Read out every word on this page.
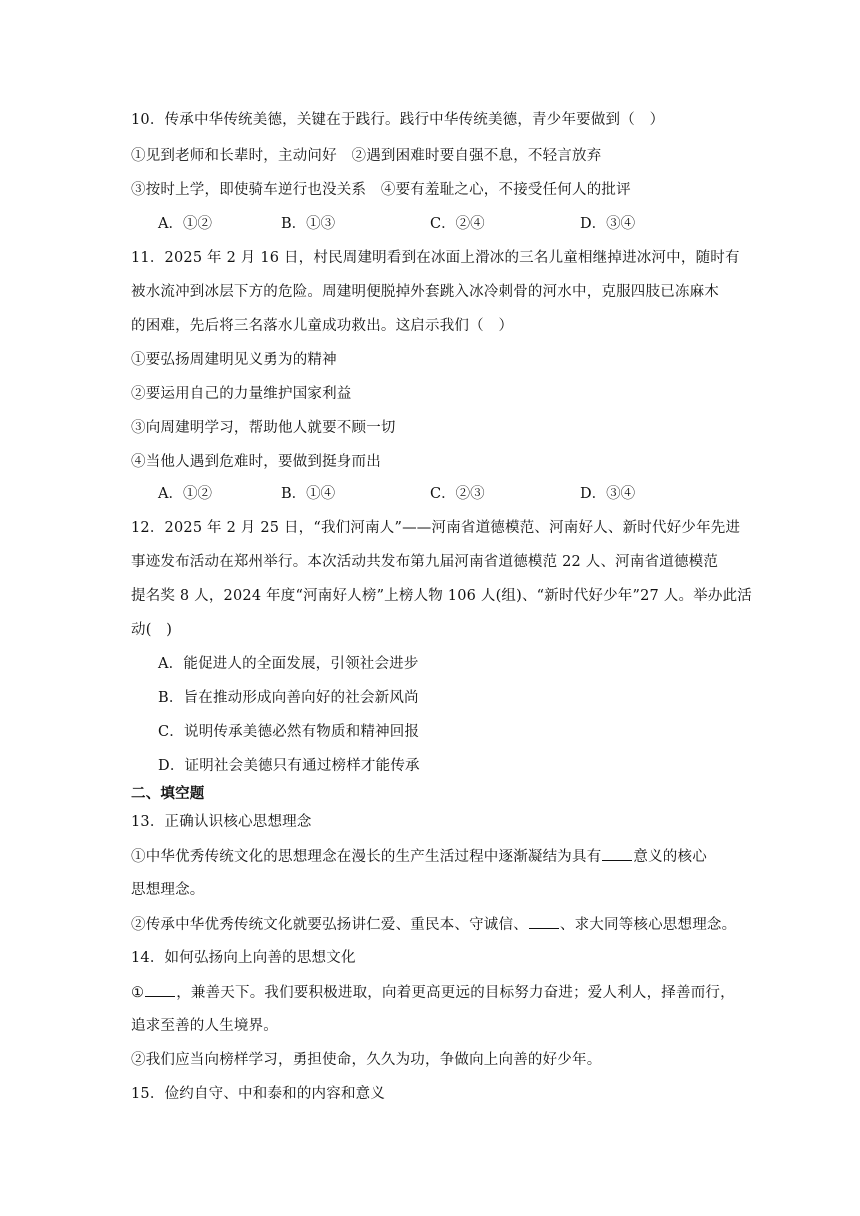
10．传承中华传统美德，关键在于践行。践行中华传统美德，青少年要做到（　）
①见到老师和长辈时，主动问好　②遇到困难时要自强不息，不轻言放弃
③按时上学，即使骑车逆行也没关系　④要有羞耻之心，不接受任何人的批评
A．①②	B．①③	C．②④	D．③④
11．2025 年 2 月 16 日，村民周建明看到在冰面上滑冰的三名儿童相继掉进冰河中，随时有
被水流冲到冰层下方的危险。周建明便脱掉外套跳入冰冷刺骨的河水中，克服四肢已冻麻木
的困难，先后将三名落水儿童成功救出。这启示我们（　）
①要弘扬周建明见义勇为的精神
②要运用自己的力量维护国家利益
③向周建明学习，帮助他人就要不顾一切
④当他人遇到危难时，要做到挺身而出
A．①②	B．①④	C．②③	D．③④
12．2025 年 2 月 25 日，“我们河南人”——河南省道德模范、河南好人、新时代好少年先进
事迹发布活动在郑州举行。本次活动共发布第九届河南省道德模范 22 人、河南省道德模范
提名奖 8 人，2024 年度“河南好人榜”上榜人物 106 人(组)、“新时代好少年”27 人。举办此活
动(　)
A．能促进人的全面发展，引领社会进步
B．旨在推动形成向善向好的社会新风尚
C．说明传承美德必然有物质和精神回报
D．证明社会美德只有通过榜样才能传承
二、填空题
13．正确认识核心思想理念
①中华优秀传统文化的思想理念在漫长的生产生活过程中逐渐凝结为具有 意义的核心
思想理念。
②传承中华优秀传统文化就要弘扬讲仁爱、重民本、守诚信、 、求大同等核心思想理念。
14．如何弘扬向上向善的思想文化
① ，兼善天下。我们要积极进取，向着更高更远的目标努力奋进；爱人利人，择善而行，
追求至善的人生境界。
②我们应当向榜样学习，勇担使命，久久为功，争做向上向善的好少年。
15．俭约自守、中和泰和的内容和意义
